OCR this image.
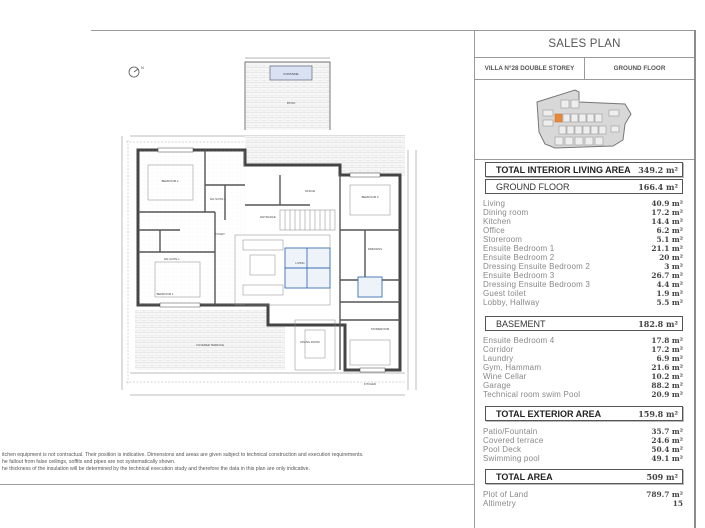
N
FONTAINE
PATIO
BEDROOM 2
EN-SUITE 2	BEDROOM 3
EN-SUITE 1
BEDROOM 1
LIVING
DINING ROOM
KITCHEN
OFFICE
STOREROOM
DRESSING
TOILET
ENTRANCE
COVERED TERRACE
itchen equipment is not contractual. Their position is indicative. Dimensions and areas are given subject to technical construction and execution requirements.
he fallout from false ceilings, soffits and pipes are not systematically shown.
he thickness of the insulation will be determined by the technical execution study and therefore the data in this plan are only indicative.
SALES PLAN
VILLA N°28 DOUBLE STOREY	GROUND FLOOR
TOTAL INTERIOR LIVING AREA 349.2 m²
GROUND FLOOR	166.4 m²
Living	40.9 m²
Dining room	17.2 m²
Kitchen	14.4 m²
Office	6.2 m²
Storeroom	5.1 m²
Ensuite Bedroom 1	21.1 m²
Ensuite Bedroom 2	20 m²
Dressing Ensuite Bedroom 2	3 m²
Ensuite Bedroom 3	26.7 m²
Dressing Ensuite Bedroom 3	4.4 m²
Guest toilet	1.9 m²
Lobby, Hallway	5.5 m²
BASEMENT	182.8 m²
Ensuite Bedroom 4	17.8 m²
Corridor	17.2 m²
Laundry	6.9 m²
Gym, Hammam	21.6 m²
Wine Cellar	10.2 m²
Garage	88.2 m²
Technical room swim Pool	20.9 m²
TOTAL EXTERIOR AREA	159.8 m²
Patio/Fountain	35.7 m²
Covered terrace	24.6 m²
Pool Deck	50.4 m²
Swimming pool	49.1 m²
TOTAL AREA	509 m²
Plot of Land	789.7 m²
Altimetry	15
